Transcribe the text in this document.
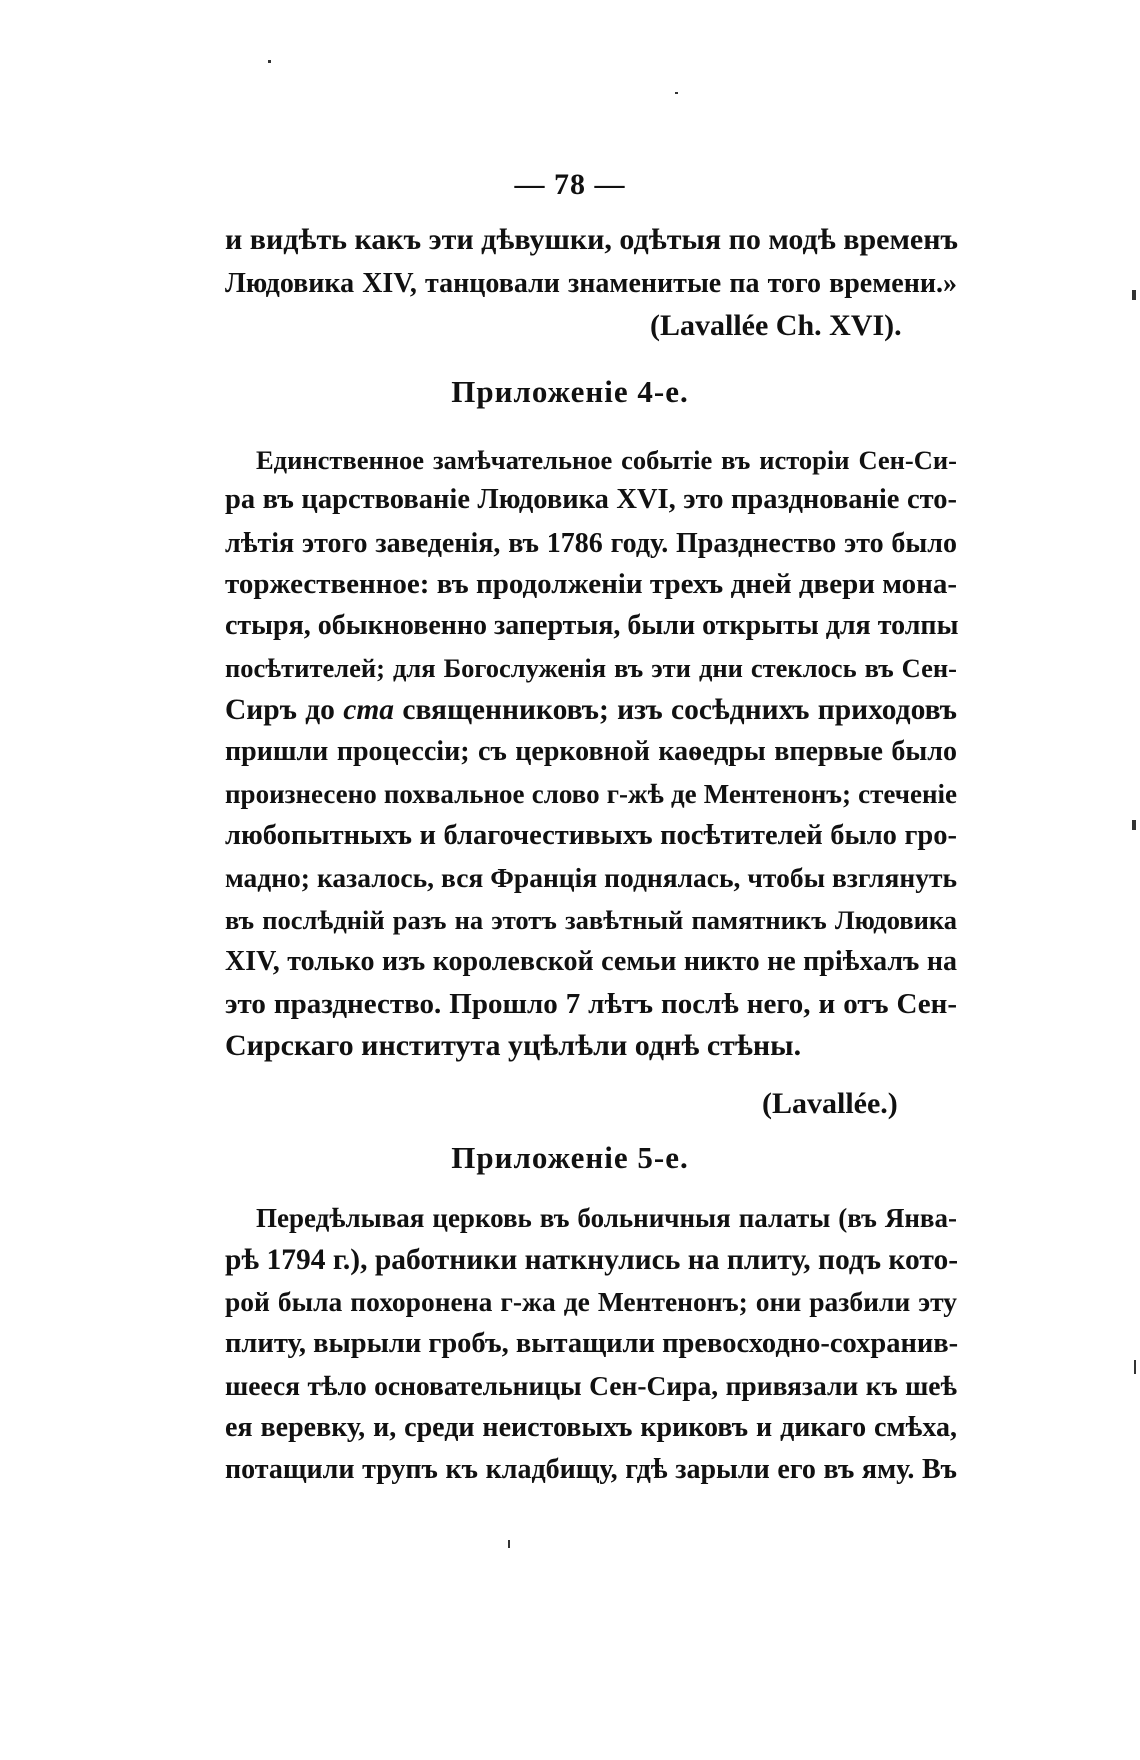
— 78 —
и видѣть какъ эти дѣвушки, одѣтыя по модѣ временъ
Людовика XIV, танцовали знаменитые па того времени.»
(Lavallée Ch. XVI).
Приложеніе 4-е.
Единственное замѣчательное событіе въ исторіи Сен-Си-
ра въ царствованіе Людовика XVI, это празднованіе сто-
лѣтія этого заведенія, въ 1786 году. Празднество это было
торжественное: въ продолженіи трехъ дней двери мона-
стыря, обыкновенно запертыя, были открыты для толпы
посѣтителей; для Богослуженія въ эти дни стеклось въ Сен-
Сиръ до ста священниковъ; изъ сосѣднихъ приходовъ
пришли процессіи; съ церковной каѳедры впервые было
произнесено похвальное слово г-жѣ де Ментенонъ; стеченіе
любопытныхъ и благочестивыхъ посѣтителей было гро-
мадно; казалось, вся Франція поднялась, чтобы взглянуть
въ послѣдній разъ на этотъ завѣтный памятникъ Людовика
XIV, только изъ королевской семьи никто не пріѣхалъ на
это празднество. Прошло 7 лѣтъ послѣ него, и отъ Сен-
Сирскаго института уцѣлѣли однѣ стѣны.
(Lavallée.)
Приложеніе 5-е.
Передѣлывая церковь въ больничныя палаты (въ Янва-
рѣ 1794 г.), работники наткнулись на плиту, подъ кото-
рой была похоронена г-жа де Ментенонъ; они разбили эту
плиту, вырыли гробъ, вытащили превосходно-сохранив-
шееся тѣло основательницы Сен-Сира, привязали къ шеѣ
ея веревку, и, среди неистовыхъ криковъ и дикаго смѣха,
потащили трупъ къ кладбищу, гдѣ зарыли его въ яму. Въ
